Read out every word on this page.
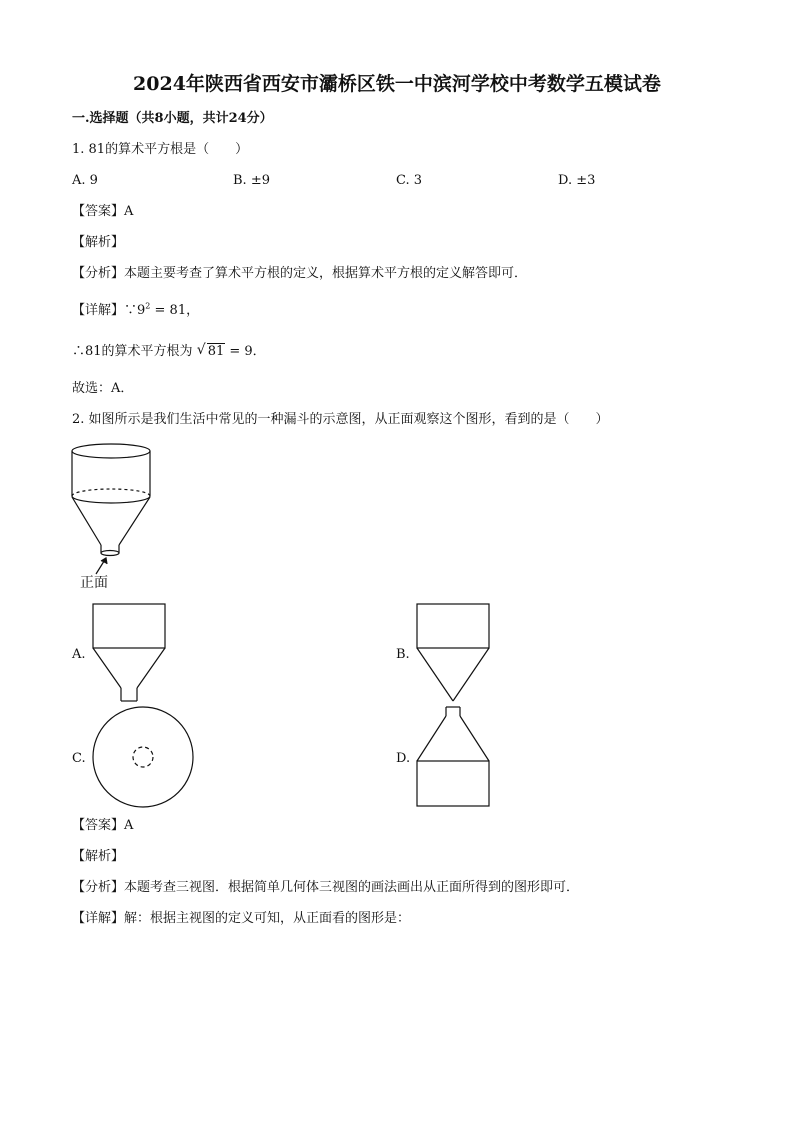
2024年陕西省西安市灞桥区铁一中滨河学校中考数学五模试卷
一.选择题（共8小题，共计24分）
1. 81的算术平方根是（　　）
A. 9	B. ±9	C. 3	D. ±3
【答案】A
【解析】
【分析】本题主要考查了算术平方根的定义，根据算术平方根的定义解答即可．
【详解】$\because 9^2 = 81$，
∴81的算术平方根为 √ 81 = 9．
故选：A．
2. 如图所示是我们生活中常见的一种漏斗的示意图，从正面观察这个图形，看到的是（　　）
正面
A.	B.
C.	D.
【答案】A
【解析】
【分析】本题考查三视图．根据简单几何体三视图的画法画出从正面所得到的图形即可．
【详解】解：根据主视图的定义可知，从正面看的图形是：
